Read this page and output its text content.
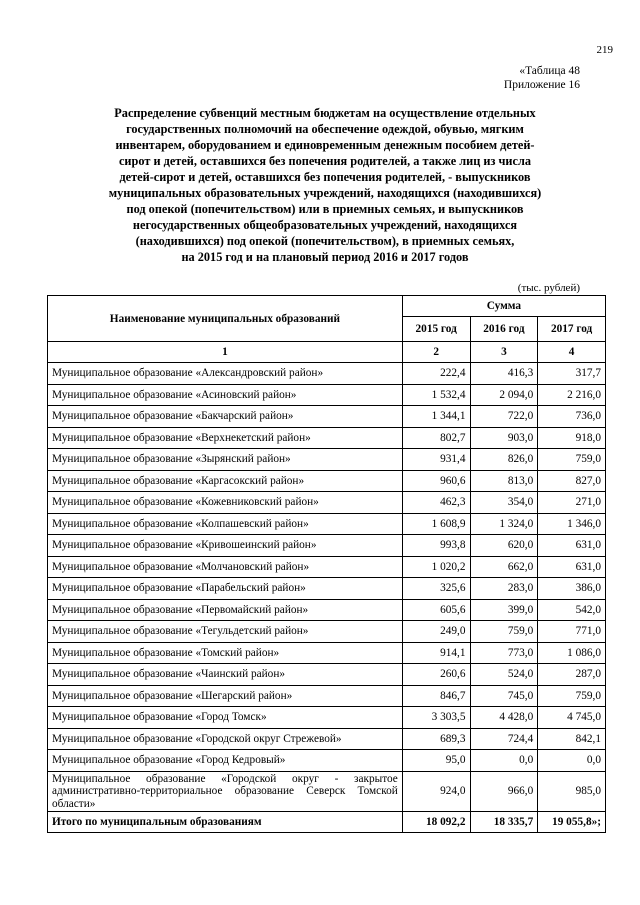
219
«Таблица 48
Приложение 16
Распределение субвенций местным бюджетам на осуществление отдельных
государственных полномочий на обеспечение одеждой, обувью, мягким
инвентарем, оборудованием и единовременным денежным пособием детей-
сирот и детей, оставшихся без попечения родителей, а также лиц из числа
детей-сирот и детей, оставшихся без попечения родителей, - выпускников
муниципальных образовательных учреждений, находящихся (находившихся)
под опекой (попечительством) или в приемных семьях, и выпускников
негосударственных общеобразовательных учреждений, находящихся
(находившихся) под опекой (попечительством), в приемных семьях,
на 2015 год и на плановый период 2016 и 2017 годов
(тыс. рублей)
Наименование муниципальных образований	Сумма		
	2015 год	2016 год	2017 год
1	2	3	4
Муниципальное образование «Александровский район»	222,4	416,3	317,7
Муниципальное образование «Асиновский район»	1 532,4	2 094,0	2 216,0
Муниципальное образование «Бакчарский район»	1 344,1	722,0	736,0
Муниципальное образование «Верхнекетский район»	802,7	903,0	918,0
Муниципальное образование «Зырянский район»	931,4	826,0	759,0
Муниципальное образование «Каргасокский район»	960,6	813,0	827,0
Муниципальное образование «Кожевниковский район»	462,3	354,0	271,0
Муниципальное образование «Колпашевский район»	1 608,9	1 324,0	1 346,0
Муниципальное образование «Кривошеинский район»	993,8	620,0	631,0
Муниципальное образование «Молчановский район»	1 020,2	662,0	631,0
Муниципальное образование «Парабельский район»	325,6	283,0	386,0
Муниципальное образование «Первомайский район»	605,6	399,0	542,0
Муниципальное образование «Тегульдетский район»	249,0	759,0	771,0
Муниципальное образование «Томский район»	914,1	773,0	1 086,0
Муниципальное образование «Чаинский район»	260,6	524,0	287,0
Муниципальное образование «Шегарский район»	846,7	745,0	759,0
Муниципальное образование «Город Томск»	3 303,5	4 428,0	4 745,0
Муниципальное образование «Городской округ Стрежевой»	689,3	724,4	842,1
Муниципальное образование «Город Кедровый»	95,0	0,0	0,0
Муниципальное образование «Городской округ - закрытое административно-территориальное образование Северск Томской области»	924,0	966,0	985,0
Итого по муниципальным образованиям	18 092,2	18 335,7	19 055,8»;
